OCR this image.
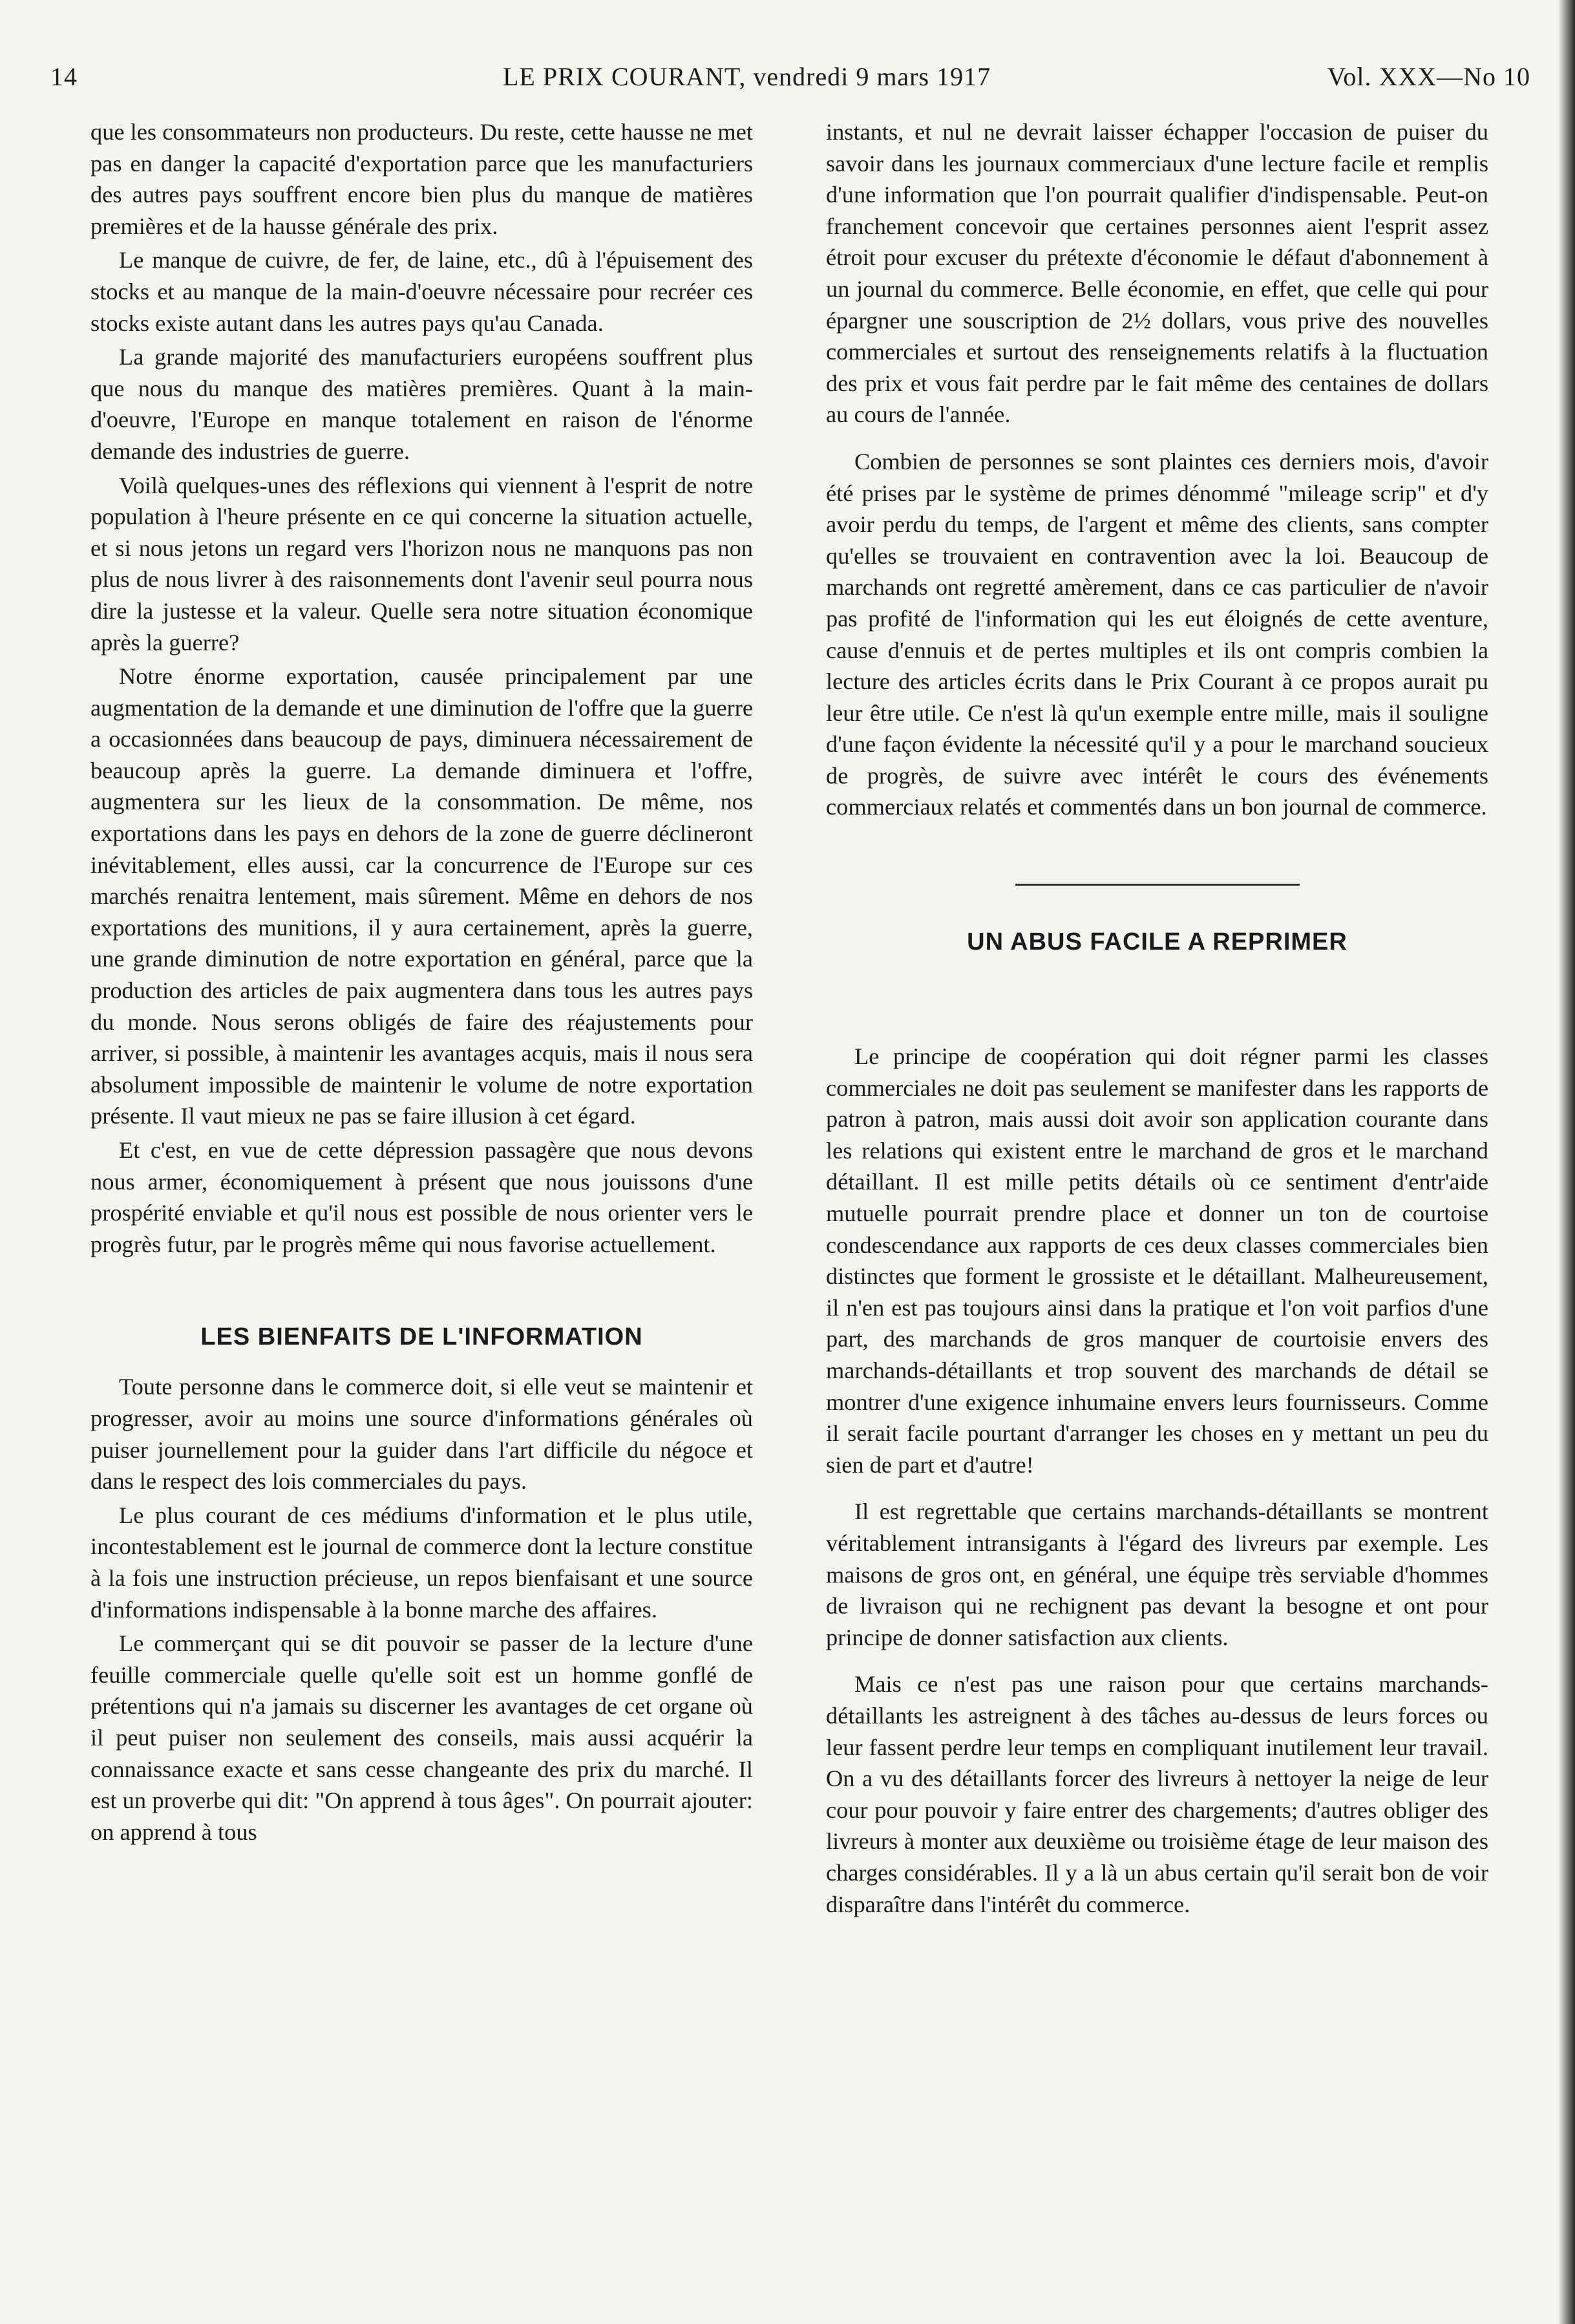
14	LE PRIX COURANT, vendredi 9 mars 1917	Vol. XXX—No 10

que les consommateurs non producteurs. Du reste, cette hausse ne met pas en danger la capacité d'exportation parce que les manufacturiers des autres pays souffrent encore bien plus du manque de matières premières et de la hausse générale des prix.

Le manque de cuivre, de fer, de laine, etc., dû à l'épuisement des stocks et au manque de la main-d'oeuvre nécessaire pour recréer ces stocks existe autant dans les autres pays qu'au Canada.

La grande majorité des manufacturiers européens souffrent plus que nous du manque des matières premières. Quant à la main-d'oeuvre, l'Europe en manque totalement en raison de l'énorme demande des industries de guerre.

Voilà quelques-unes des réflexions qui viennent à l'esprit de notre population à l'heure présente en ce qui concerne la situation actuelle, et si nous jetons un regard vers l'horizon nous ne manquons pas non plus de nous livrer à des raisonnements dont l'avenir seul pourra nous dire la justesse et la valeur. Quelle sera notre situation économique après la guerre?

Notre énorme exportation, causée principalement par une augmentation de la demande et une diminution de l'offre que la guerre a occasionnées dans beaucoup de pays, diminuera nécessairement de beaucoup après la guerre. La demande diminuera et l'offre, augmentera sur les lieux de la consommation. De même, nos exportations dans les pays en dehors de la zone de guerre déclineront inévitablement, elles aussi, car la concurrence de l'Europe sur ces marchés renaitra lentement, mais sûrement. Même en dehors de nos exportations des munitions, il y aura certainement, après la guerre, une grande diminution de notre exportation en général, parce que la production des articles de paix augmentera dans tous les autres pays du monde. Nous serons obligés de faire des réajustements pour arriver, si possible, à maintenir les avantages acquis, mais il nous sera absolument impossible de maintenir le volume de notre exportation présente. Il vaut mieux ne pas se faire illusion à cet égard.

Et c'est, en vue de cette dépression passagère que nous devons nous armer, économiquement à présent que nous jouissons d'une prospérité enviable et qu'il nous est possible de nous orienter vers le progrès futur, par le progrès même qui nous favorise actuellement.

LES BIENFAITS DE L'INFORMATION

Toute personne dans le commerce doit, si elle veut se maintenir et progresser, avoir au moins une source d'informations générales où puiser journellement pour la guider dans l'art difficile du négoce et dans le respect des lois commerciales du pays.

Le plus courant de ces médiums d'information et le plus utile, incontestablement est le journal de commerce dont la lecture constitue à la fois une instruction précieuse, un repos bienfaisant et une source d'informations indispensable à la bonne marche des affaires.

Le commerçant qui se dit pouvoir se passer de la lecture d'une feuille commerciale quelle qu'elle soit est un homme gonflé de prétentions qui n'a jamais su discerner les avantages de cet organe où il peut puiser non seulement des conseils, mais aussi acquérir la connaissance exacte et sans cesse changeante des prix du marché. Il est un proverbe qui dit: "On apprend à tous âges". On pourrait ajouter: on apprend à tous

instants, et nul ne devrait laisser échapper l'occasion de puiser du savoir dans les journaux commerciaux d'une lecture facile et remplis d'une information que l'on pourrait qualifier d'indispensable. Peut-on franchement concevoir que certaines personnes aient l'esprit assez étroit pour excuser du prétexte d'économie le défaut d'abonnement à un journal du commerce. Belle économie, en effet, que celle qui pour épargner une souscription de 2½ dollars, vous prive des nouvelles commerciales et surtout des renseignements relatifs à la fluctuation des prix et vous fait perdre par le fait même des centaines de dollars au cours de l'année.

Combien de personnes se sont plaintes ces derniers mois, d'avoir été prises par le système de primes dénommé "mileage scrip" et d'y avoir perdu du temps, de l'argent et même des clients, sans compter qu'elles se trouvaient en contravention avec la loi. Beaucoup de marchands ont regretté amèrement, dans ce cas particulier de n'avoir pas profité de l'information qui les eut éloignés de cette aventure, cause d'ennuis et de pertes multiples et ils ont compris combien la lecture des articles écrits dans le Prix Courant à ce propos aurait pu leur être utile. Ce n'est là qu'un exemple entre mille, mais il souligne d'une façon évidente la nécessité qu'il y a pour le marchand soucieux de progrès, de suivre avec intérêt le cours des événements commerciaux relatés et commentés dans un bon journal de commerce.

UN ABUS FACILE A REPRIMER

Le principe de coopération qui doit régner parmi les classes commerciales ne doit pas seulement se manifester dans les rapports de patron à patron, mais aussi doit avoir son application courante dans les relations qui existent entre le marchand de gros et le marchand détaillant. Il est mille petits détails où ce sentiment d'entr'aide mutuelle pourrait prendre place et donner un ton de courtoise condescendance aux rapports de ces deux classes commerciales bien distinctes que forment le grossiste et le détaillant. Malheureusement, il n'en est pas toujours ainsi dans la pratique et l'on voit parfios d'une part, des marchands de gros manquer de courtoisie envers des marchands-détaillants et trop souvent des marchands de détail se montrer d'une exigence inhumaine envers leurs fournisseurs. Comme il serait facile pourtant d'arranger les choses en y mettant un peu du sien de part et d'autre!

Il est regrettable que certains marchands-détaillants se montrent véritablement intransigants à l'égard des livreurs par exemple. Les maisons de gros ont, en général, une équipe très serviable d'hommes de livraison qui ne rechignent pas devant la besogne et ont pour principe de donner satisfaction aux clients.

Mais ce n'est pas une raison pour que certains marchands-détaillants les astreignent à des tâches au-dessus de leurs forces ou leur fassent perdre leur temps en compliquant inutilement leur travail. On a vu des détaillants forcer des livreurs à nettoyer la neige de leur cour pour pouvoir y faire entrer des chargements; d'autres obliger des livreurs à monter aux deuxième ou troisième étage de leur maison des charges considérables. Il y a là un abus certain qu'il serait bon de voir disparaître dans l'intérêt du commerce.
